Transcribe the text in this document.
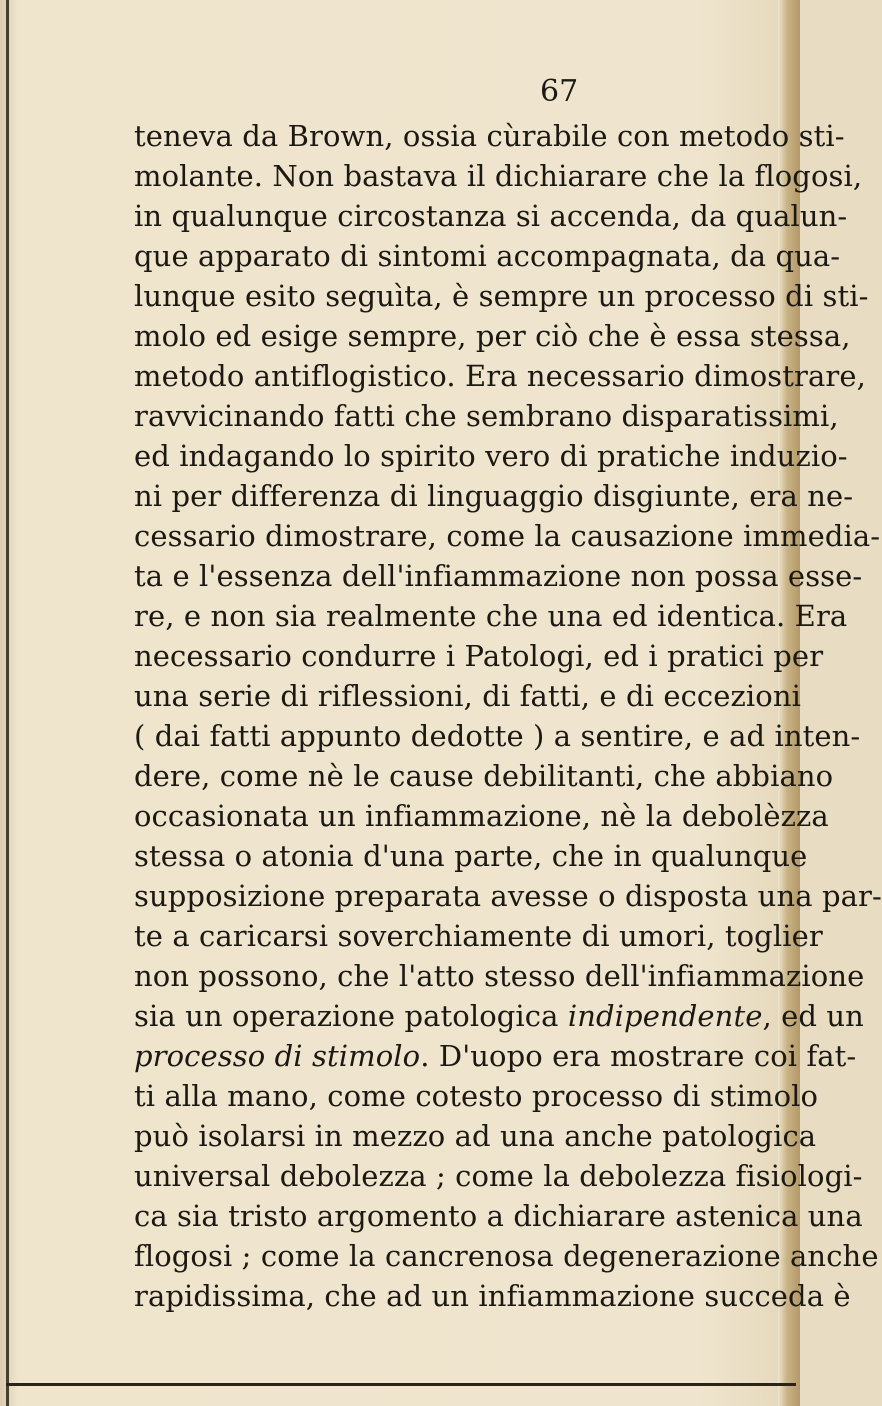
67
teneva da Brown, ossia cùrabile con metodo sti-
molante. Non bastava il dichiarare che la flogosi,
in qualunque circostanza si accenda, da qualun-
que apparato di sintomi accompagnata, da qua-
lunque esito seguìta, è sempre un processo di sti-
molo ed esige sempre, per ciò che è essa stessa,
metodo antiflogistico. Era necessario dimostrare,
ravvicinando fatti che sembrano disparatissimi,
ed indagando lo spirito vero di pratiche induzio-
ni per differenza di linguaggio disgiunte, era ne-
cessario dimostrare, come la causazione immedia-
ta e l'essenza dell'infiammazione non possa esse-
re, e non sia realmente che una ed identica. Era
necessario condurre i Patologi, ed i pratici per
una serie di riflessioni, di fatti, e di eccezioni
( dai fatti appunto dedotte ) a sentire, e ad inten-
dere, come nè le cause debilitanti, che abbiano
occasionata un infiammazione, nè la debolèzza
stessa o atonia d'una parte, che in qualunque
supposizione preparata avesse o disposta una par-
te a caricarsi soverchiamente di umori, toglier
non possono, che l'atto stesso dell'infiammazione
sia un operazione patologica indipendente, ed un
processo di stimolo. D'uopo era mostrare coi fat-
ti alla mano, come cotesto processo di stimolo
può isolarsi in mezzo ad una anche patologica
universal debolezza ; come la debolezza fisiologi-
ca sia tristo argomento a dichiarare astenica una
flogosi ; come la cancrenosa degenerazione anche
rapidissima, che ad un infiammazione succeda è
